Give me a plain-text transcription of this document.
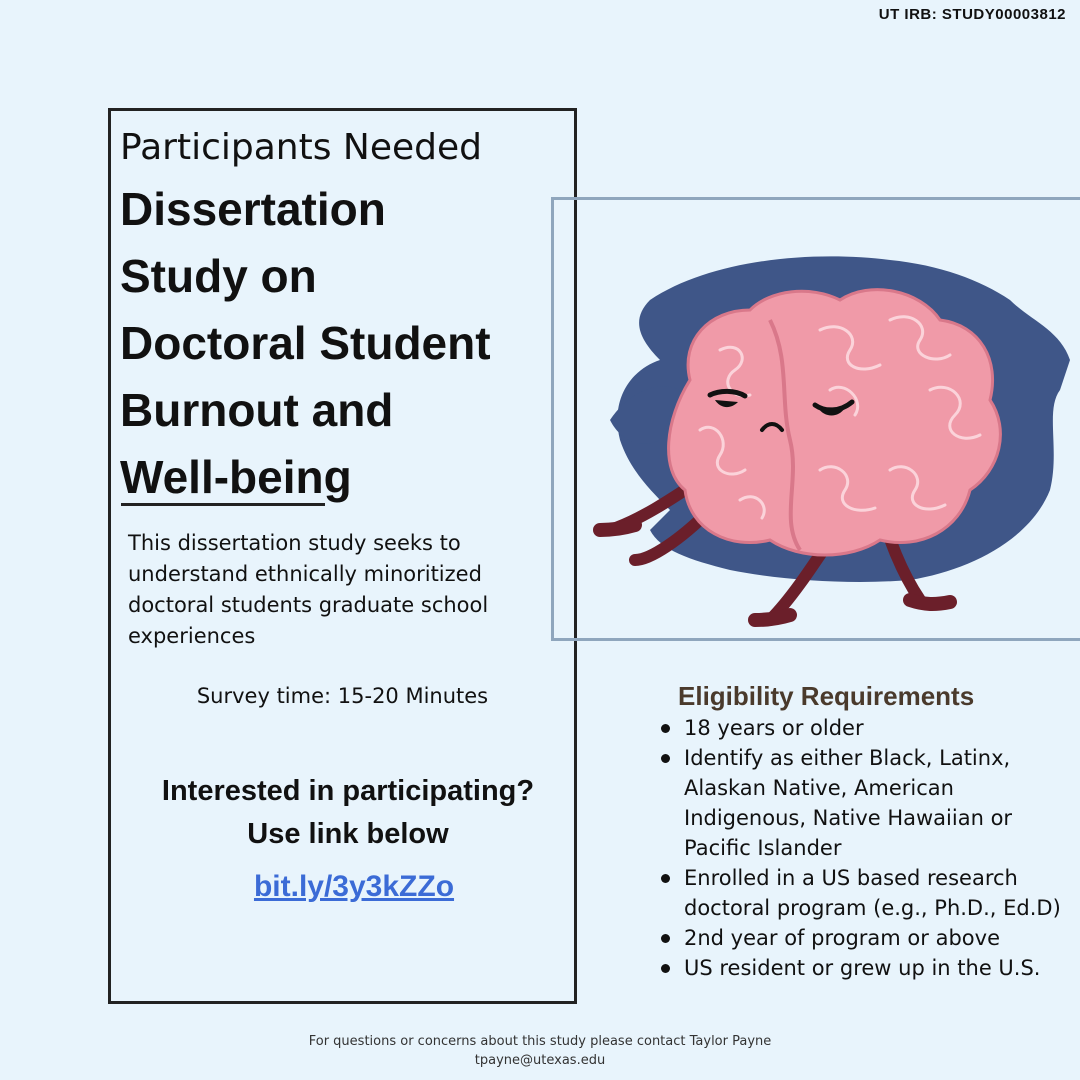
UT IRB: STUDY00003812
Participants Needed
Dissertation
Study on
Doctoral Student
Burnout and
Well-being
This dissertation study seeks to understand ethnically minoritized doctoral students graduate school experiences
Survey time: 15-20 Minutes
Interested in participating?
Use link below
bit.ly/3y3kZZo
Eligibility Requirements
18 years or older
Identify as either Black, Latinx, Alaskan Native, American Indigenous, Native Hawaiian or Pacific Islander
Enrolled in a US based research doctoral program (e.g., Ph.D., Ed.D)
2nd year of program or above
US resident or grew up in the U.S.
For questions or concerns about this study please contact Taylor Payne
tpayne@utexas.edu
